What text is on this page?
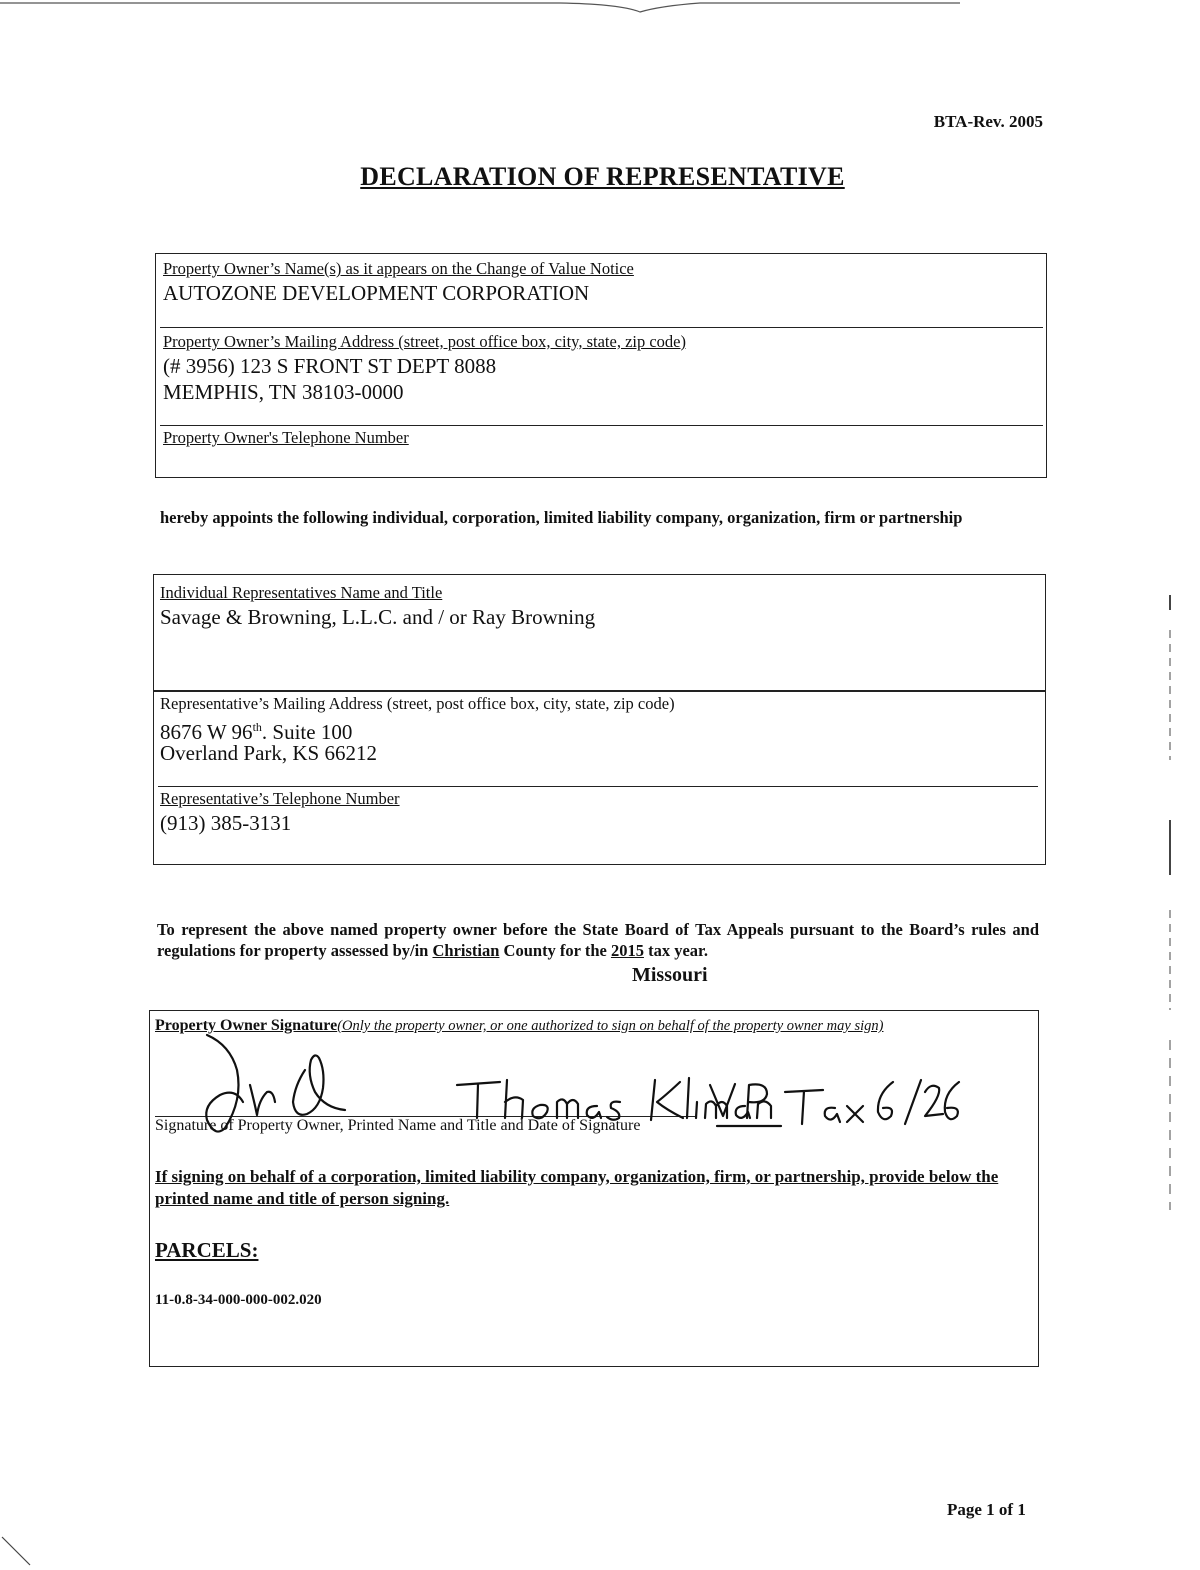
BTA-Rev. 2005
DECLARATION OF REPRESENTATIVE
Property Owner’s Name(s) as it appears on the Change of Value Notice
AUTOZONE DEVELOPMENT CORPORATION
Property Owner’s Mailing Address (street, post office box, city, state, zip code)
(# 3956) 123 S FRONT ST DEPT 8088
MEMPHIS, TN 38103-0000
Property Owner's Telephone Number
hereby appoints the following individual, corporation, limited liability company, organization, firm or partnership
Individual Representatives Name and Title
Savage & Browning, L.L.C. and / or Ray Browning
Representative’s Mailing Address (street, post office box, city, state, zip code)
8676 W 96th. Suite 100
Overland Park, KS 66212
Representative’s Telephone Number
(913) 385-3131
To represent the above named property owner before the State Board of Tax Appeals pursuant to the Board’s rules and regulations for property assessed by/in Christian County for the 2015 tax year.
Missouri
Property Owner Signature(Only the property owner, or one authorized to sign on behalf of the property owner may sign)
Signature of Property Owner, Printed Name and Title and Date of Signature
If signing on behalf of a corporation, limited liability company, organization, firm, or partnership, provide below the printed name and title of person signing.
PARCELS:
11-0.8-34-000-000-002.020
Page 1 of 1
